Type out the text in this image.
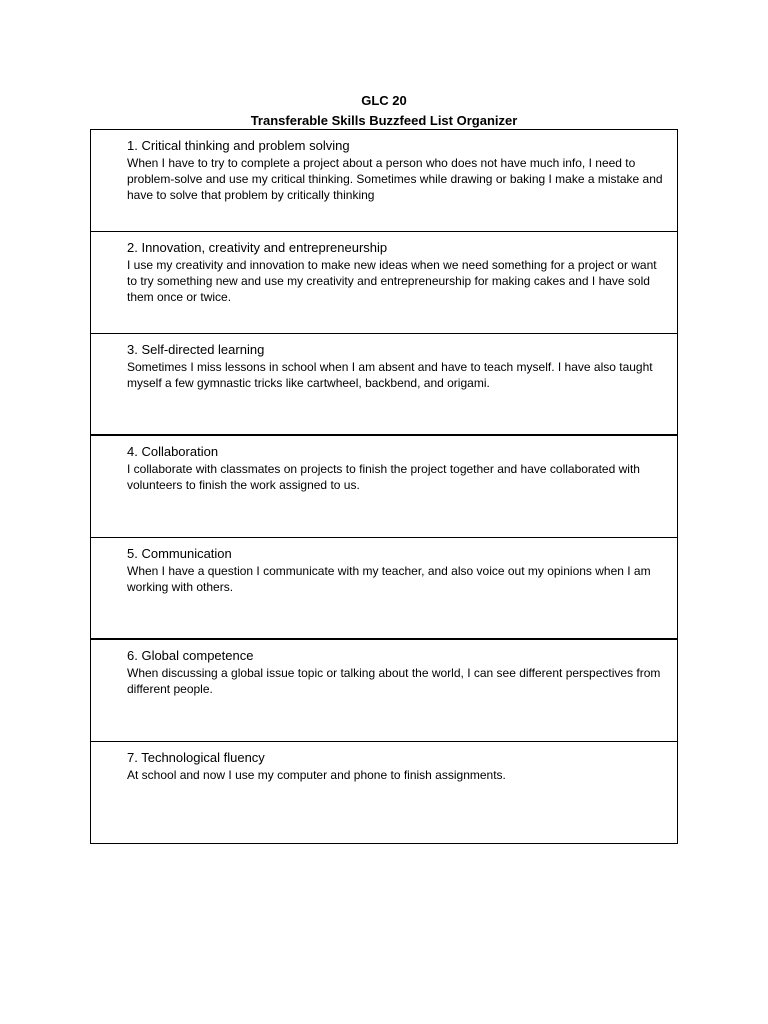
GLC 20
Transferable Skills Buzzfeed List Organizer
1. Critical thinking and problem solving
When I have to try to complete a project about a person who does not have much info, I need to problem-solve and use my critical thinking. Sometimes while drawing or baking I make a mistake and have to solve that problem by critically thinking
2. Innovation, creativity and entrepreneurship
I use my creativity and innovation to make new ideas when we need something for a project or want to try something new and use my creativity and entrepreneurship for making cakes and I have sold them once or twice.
3. Self-directed learning
Sometimes I miss lessons in school when I am absent and have to teach myself. I have also taught myself a few gymnastic tricks like cartwheel, backbend, and origami.
4. Collaboration
I collaborate with classmates on projects to finish the project together and have collaborated with volunteers to finish the work assigned to us.
5. Communication
When I have a question I communicate with my teacher, and also voice out my opinions when I am working with others.
6. Global competence
When discussing a global issue topic or talking about the world, I can see different perspectives from different people.
7. Technological fluency
At school and now I use my computer and phone to finish assignments.
